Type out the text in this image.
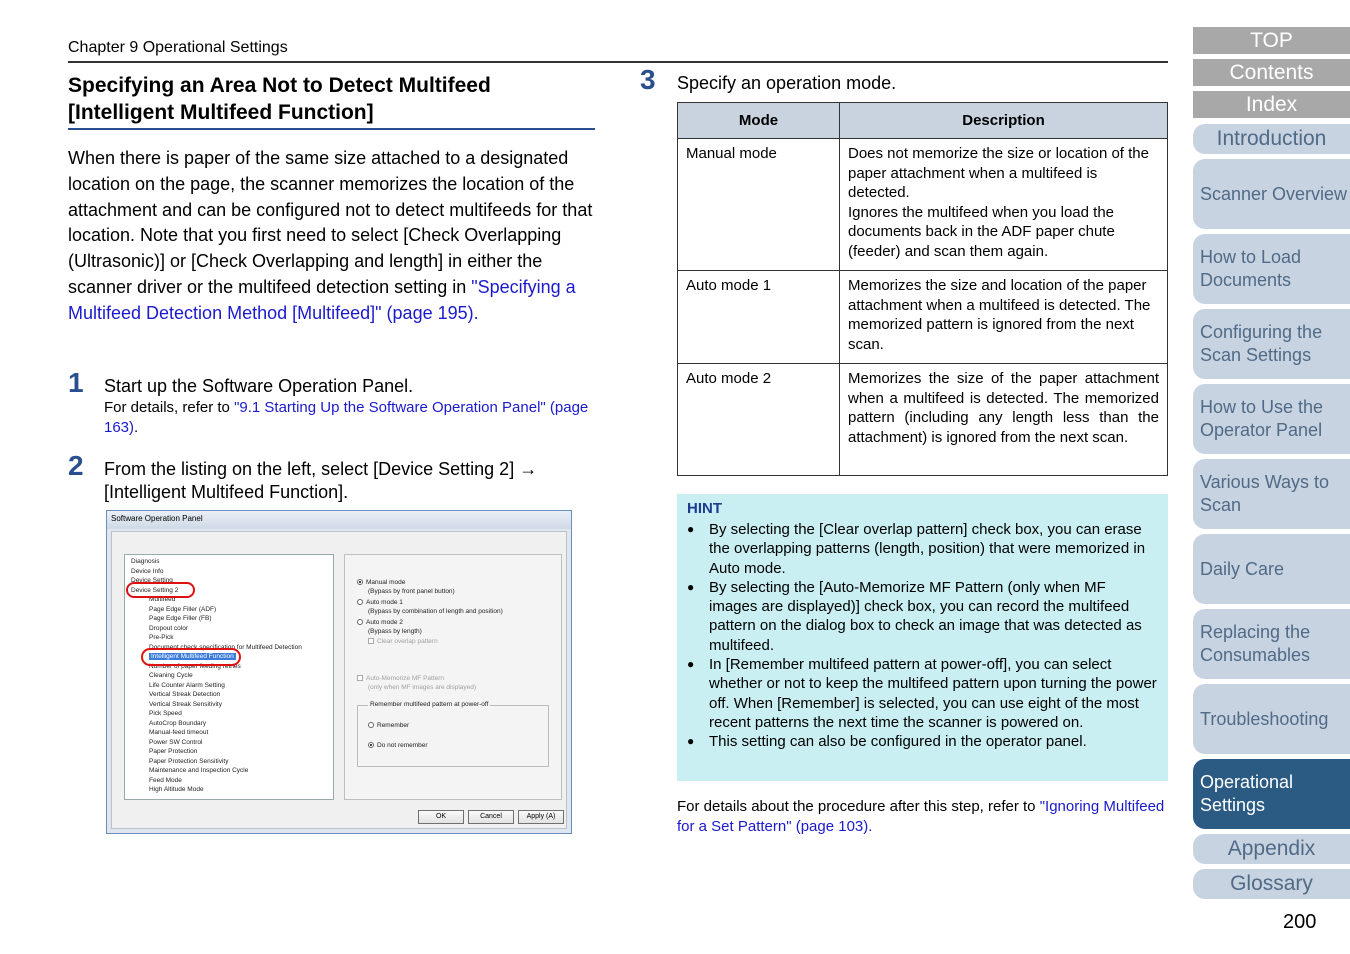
Chapter 9 Operational Settings
Specifying an Area Not to Detect Multifeed
[Intelligent Multifeed Function]
When there is paper of the same size attached to a designated location on the page, the scanner memorizes the location of the attachment and can be configured not to detect multifeeds for that location. Note that you first need to select [Check Overlapping (Ultrasonic)] or [Check Overlapping and length] in either the scanner driver or the multifeed detection setting in "Specifying a Multifeed Detection Method [Multifeed]" (page 195).
1 Start up the Software Operation Panel.
For details, refer to "9.1 Starting Up the Software Operation Panel" (page 163).
2 From the listing on the left, select [Device Setting 2] →
[Intelligent Multifeed Function].
Software Operation Panel
Diagnosis
Device Info
Device Setting
Device Setting 2
Multifeed
Page Edge Filler (ADF)
Page Edge Filler (FB)
Dropout color
Pre-Pick
Document check specification for Multifeed Detection
Intelligent Multifeed Function
Number of paper feeding retries
Cleaning Cycle
Life Counter Alarm Setting
Vertical Streak Detection
Vertical Streak Sensitivity
Pick Speed
AutoCrop Boundary
Manual-feed timeout
Power SW Control
Paper Protection
Paper Protection Sensitivity
Maintenance and Inspection Cycle
Feed Mode
High Altitude Mode
Manual mode
(Bypass by front panel button)
Auto mode 1
(Bypass by combination of length and position)
Auto mode 2
(Bypass by length)
Clear overlap pattern
Auto-Memorize MF Pattern
(only when MF images are displayed)
Remember multifeed pattern at power-off
Remember
Do not remember
OK	Cancel	Apply (A)
3 Specify an operation mode.
Mode	Description
Manual mode	Does not memorize the size or location of the paper attachment when a multifeed is detected.
Ignores the multifeed when you load the documents back in the ADF paper chute (feeder) and scan them again.

Auto mode 1	Memorizes the size and location of the paper attachment when a multifeed is detected. The memorized pattern is ignored from the next scan.
Auto mode 2	Memorizes the size of the paper attachment when a multifeed is detected. The memorized pattern (including any length less than the attachment) is ignored from the next scan.
HINT
● By selecting the [Clear overlap pattern] check box, you can erase the overlapping patterns (length, position) that were memorized in Auto mode.
● By selecting the [Auto-Memorize MF Pattern (only when MF images are displayed)] check box, you can record the multifeed pattern on the dialog box to check an image that was detected as multifeed.
● In [Remember multifeed pattern at power-off], you can select whether or not to keep the multifeed pattern upon turning the power off. When [Remember] is selected, you can use eight of the most recent patterns the next time the scanner is powered on.
● This setting can also be configured in the operator panel.
For details about the procedure after this step, refer to "Ignoring Multifeed for a Set Pattern" (page 103).
TOP
Contents
Index
Introduction
Scanner Overview
How to Load Documents
Configuring the Scan Settings
How to Use the Operator Panel
Various Ways to Scan
Daily Care
Replacing the Consumables
Troubleshooting
Operational Settings
Appendix
Glossary
200
